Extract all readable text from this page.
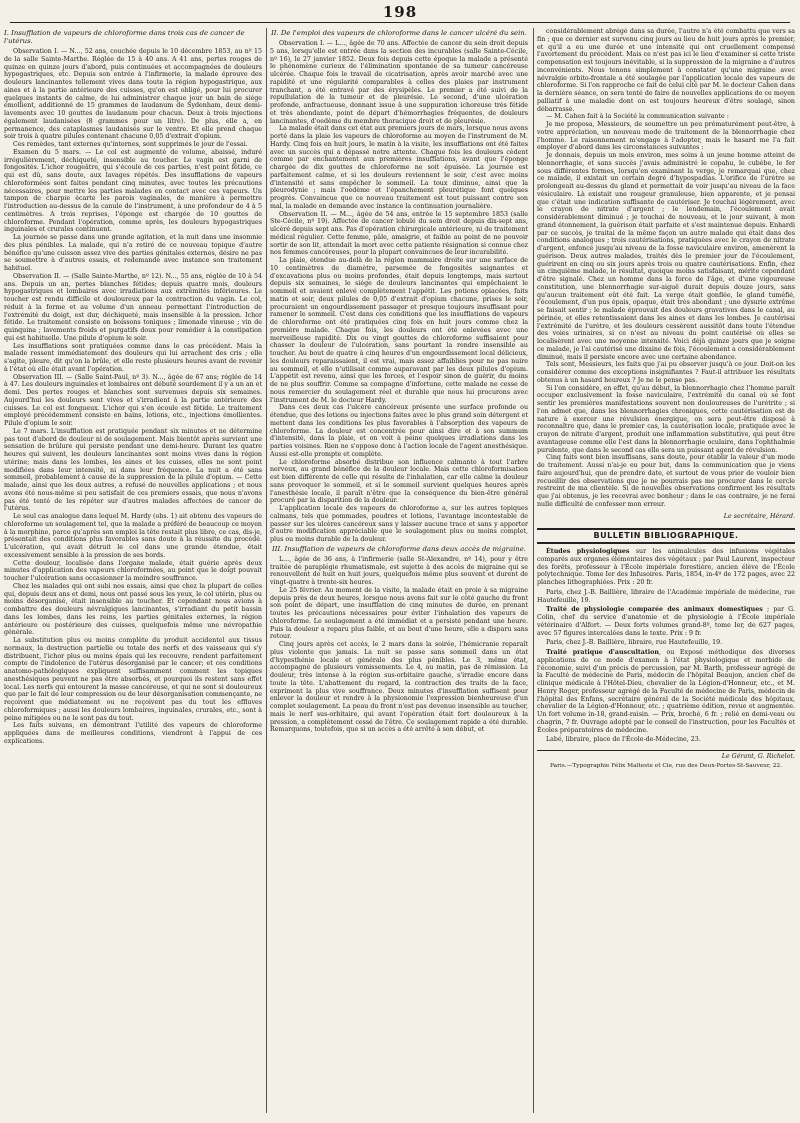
198
I. Insufflation de vapeurs de chloroforme dans trois cas de cancer de l'utérus.

Observation I. — N..., 52 ans, couchée depuis le 10 décembre 1853, au nº 15 de la salle Sainte-Marthe. Réglée de 15 à 40 ans. A 41 ans, pertes rouges de quinze en quinze jours d'abord, puis continuées et accompagnées de douleurs hypogastriques, etc. Depuis son entrée à l'infirmerie, la malade éprouve des douleurs lancinantes tellement vives dans toute la région hypogastrique, aux aines et à la partie antérieure des cuisses, qu'on est obligé, pour lui procurer quelques instants de calme, de lui administrer chaque jour un bain de siége émollient, additionné de 15 grammes de laudanum de Sydenham, deux demi-lavements avec 10 gouttes de laudanum pour chacun. Deux à trois injections également laudanisées (8 grammes pour un litre). De plus, elle a, en permanence, des cataplasmes laudanisés sur le ventre. Et elle prend chaque soir trois à quatre pilules contenant chacune 0,05 d'extrait d'opium.

Ces remèdes, tant externes qu'internes, sont supprimés le jour de l'essai.

Examen du 5 mars. — Le col est augmenté de volume, abaissé, induré irrégulièrement, déchiqueté, insensible au toucher. Le vagin est garni de fongosités. L'ichor rougeâtre, qui s'écoule de ces parties, n'est point fétide, ce qui est dû, sans doute, aux lavages répétés. Des insufflations de vapeurs chloroformées sont faites pendant cinq minutes, avec toutes les précautions nécessaires, pour mettre les parties malades en contact avec ces vapeurs. Un tampon de charpie écarte les parois vaginales, de manière à permettre l'introduction au-dessus de la canule de l'instrument, à une profondeur de 4 à 5 centimètres. A trois reprises, l'éponge est chargée de 10 gouttes de chloroforme. Pendant l'opération, comme après, les douleurs hypogastriques inguinales et crurales continuent.

La journée se passe dans une grande agitation, et la nuit dans une insomnie des plus pénibles. La malade, qui n'a retiré de ce nouveau topique d'autre bénéfice qu'une cuisson assez vive des parties génitales externes, désire ne pas se soumettre à d'autres essais, et redemande avec instance son traitement habituel.

Observation II. — (Salle Sainte-Marthe, nº 12). N..., 55 ans, réglée de 10 à 54 ans. Depuis un an, pertes blanches fétides; depuis quatre mois, douleurs hypogastriques et lombaires avec irradiations aux extrémités inférieures. Le toucher est rendu difficile et douloureux par la contraction du vagin. Le col, réduit à la forme et au volume d'un anneau permettant l'introduction de l'extrémité du doigt, est dur, déchiqueté, mais insensible à la pression. Ichor fétide. Le traitement consiste en boissons toniques ; limonade vineuse ; vin de quinquina ; lavements froids et purgatifs doux pour remédier à la constipation qui est habituelle. Une pilule d'opium le soir.

Les insufflations sont pratiquées comme dans le cas précédent. Mais la malade ressent immédiatement des douleurs qui lui arrachent des cris ; elle s'agite, pleure, dit qu'on la brûle, et elle reste plusieurs heures avant de revenir à l'état où elle était avant l'opération.

Observation III. — (Salle Saint-Paul, nº 3). N..., âgée de 67 ans; réglée de 14 à 47. Les douleurs inguinales et lombaires ont débuté sourdement il y a un an et demi. Des pertes rouges et blanches sont survenues depuis six semaines. Aujourd'hui les douleurs sont vives et s'irradient à la partie antérieure des cuisses. Le col est fongueux. L'ichor qui s'en écoule est fétide. Le traitement employé précédemment consiste en bains, lotions, etc., injections émollientes. Pilule d'opium le soir.

Le 7 mars. L'insufflation est pratiquée pendant six minutes et ne détermine pas tout d'abord de douleur ni de soulagement. Mais bientôt après survient une sensation de brûlure qui persiste pendant une demi-heure. Durant les quatre heures qui suivent, les douleurs lancinantes sont moins vives dans la région utérine; mais dans les lombes, les aines et les cuisses, elles ne sont point modifiées dans leur intensité, ni dans leur fréquence. La nuit a été sans sommeil, probablement à cause de la suppression de la pilule d'opium. — Cette malade, ainsi que les deux autres, a refusé de nouvelles applications ; et nous avons été nous-même si peu satisfait de ces premiers essais, que nous n'avons pas été tenté de les répéter sur d'autres malades affectées de cancer de l'utérus.

Le seul cas analogue dans lequel M. Hardy (obs. 1) ait obtenu des vapeurs de chloroforme un soulagement tel, que la malade a préféré de beaucoup ce moyen à la morphine, parce qu'après son emploi la tête restait plus libre, ce cas, dis-je, présentait des conditions plus favorables sans doute à la réussite du procédé. L'ulcération, qui avait détruit le col dans une grande étendue, était excessivement sensible à la pression de ses bords.

Cette douleur, localisée dans l'organe malade, était guérie après deux minutes d'application des vapeurs chloroformées, au point que le doigt pouvait toucher l'ulcération sans occasionner la moindre souffrance.

Chez les malades qui ont subi nos essais, ainsi que chez la plupart de celles qui, depuis deux ans et demi, nous ont passé sous les yeux, le col utérin, plus ou moins désorganisé, était insensible au toucher. Et cependant nous avions à combattre des douleurs névralgiques lancinantes, s'irradiant du petit bassin dans les lombes, dans les reins, les parties génitales externes, la région antérieure ou postérieure des cuisses, quelquefois même une névropathie générale.

La substitution plus ou moins complète du produit accidentel aux tissus normaux, la destruction partielle ou totale des nerfs et des vaisseaux qui s'y distribuent, l'ichor plus ou moins épais qui les recouvre, rendent parfaitement compte de l'indolence de l'utérus désorganisé par le cancer; et ces conditions anatomo-pathologiques expliquent suffisamment comment les topiques anesthésiques peuvent ne pas être absorbés, et pourquoi ils restent sans effet local. Les nerfs qui entourent la masse cancéreuse, et qui ne sont si douloureux que par le fait de leur compression ou de leur désorganisation commençante, ne reçoivent que médiatement ou ne reçoivent pas du tout les effluves chloroformiques ; aussi les douleurs lombaires, inguinales, crurales, etc., sont à peine mitigées ou ne le sont pas du tout.

Les faits suivans, en démontrant l'utilité des vapeurs de chloroforme appliquées dans de meilleures conditions, viendront à l'appui de ces explications.

II. De l'emploi des vapeurs de chloroforme dans le cancer ulcéré du sein.

Observation I. — L..., âgée de 70 ans. Affectée de cancer du sein droit depuis 5 ans, lorsqu'elle est entrée dans la section des incurables (salle Sainte-Cécile, nº 16), le 27 janvier 1852. Deux fois depuis cette époque la malade a présenté le phénomène curieux de l'élimination spontanée de sa tumeur cancéreuse ulcérée. Chaque fois le travail de cicatrisation, après avoir marché avec une rapidité et une régularité comparables à celles des plaies par instrument tranchant, a été entravé par des érysipèles. Le premier a été suivi de la repullulation de la tumeur et de pleurésie. Le second, d'une ulcération profonde, anfractueuse, donnant issue à une suppuration ichoreuse très fétide et très abondante, point de départ d'hémorrhagies fréquentes, de douleurs lancinantes, d'oedème du membre thoracique droit et de pleurésie.

La malade était dans cet état aux premiers jours de mars, lorsque nous avons porté dans la plaie les vapeurs de chloroforme au moyen de l'instrument de M. Hardy. Cinq fois en huit jours, le matin à la visite, les insufflations ont été faites avec un succès qui a dépassé notre attente. Chaque fois les douleurs cèdent comme par enchantement aux premières insufflations, avant que l'éponge chargée de dix gouttes de chloroforme ne soit épuisée. La journée est parfaitement calme, et si les douleurs reviennent le soir, c'est avec moins d'intensité et sans empêcher le sommeil. La toux diminue, ainsi que la pleurodynie ; mais l'oedème et l'épanchement pleurétique font quelques progrès. Convaincue que ce nouveau traitement est tout puissant contre son mal, la malade en demande avec instance la continuation journalière.

Observation II. — M..., âgée de 54 ans, entrée le 15 septembre 1853 (salle Ste-Cécile, nº 19). Affectée de cancer lobulé du sein droit depuis dix-sept ans, ulcéré depuis sept ans. Pas d'opération chirurgicale antérieure, ni de traitement médical régulier. Cette femme, pâle, amaigrie, et faible au point de ne pouvoir sortir de son lit, attendait la mort avec cette patiente résignation si connue chez nos femmes cancéreuses, pour la plupart convaincues de leur incurabilité.

La plaie, étendue au-delà de la région mammaire droite sur une surface de 10 centimètres de diamètre, parsemée de fongosités saignantes et d'excavations plus ou moins profondes, était depuis longtemps, mais surtout depuis six semaines, le siége de douleurs lancinantes qui empêchaient le sommeil et avaient enlevé complètement l'appétit. Les potions opiacées, faits matin et soir, deux pilules de 0,05 d'extrait d'opium chacune, prises le soir, procuraient un engourdissement passager et presque toujours insuffisant pour ramener le sommeil. C'est dans ces conditions que les insufflations de vapeurs de chloroforme ont été pratiquées cinq fois en huit jours comme chez la première malade. Chaque fois, les douleurs ont été enlevées avec une merveilleuse rapidité. Dix ou vingt gouttes de chloroforme suffisaient pour chasser la douleur de l'ulcération, sans pourtant la rendre insensible au toucher. Au bout de quatre à cinq heures d'un engourdissement local délicieux, les douleurs reparaissaient, il est vrai, mais assez affaiblies pour ne pas nuire au sommeil, et elle n'utilisait comme auparavant par les deux pilules d'opium. L'appétit est revenu, ainsi que les forces, et l'espoir sinon de guérir, du moins de ne plus souffrir. Comme sa compagne d'infortune, cette malade ne cesse de nous remercier du soulagement réel et durable que nous lui procurons avec l'instrument de M. le docteur Hardy.

Dans ces deux cas l'ulcère cancéreux présente une surface profonde ou étendue, que des lotions ou injections faites avec le plus grand soin détergent et mettent dans les conditions les plus favorables à l'absorption des vapeurs de chloroforme. La douleur est concentrée pour ainsi dire et à son summum d'intensité, dans la plaie, et on voit à peine quelques irradiations dans les parties voisines. Rien ne s'oppose donc à l'action locale de l'agent anesthésique. Aussi est-elle prompte et complète.

Le chloroforme absorbé distribue son influence calmante à tout l'arbre nerveux, au grand bénéfice de la douleur locale. Mais cette chloroformisation est bien différente de celle qui résulte de l'inhalation, car elle calme la douleur sans provoquer le sommeil, et si le sommeil survient quelques heures après l'anesthésie locale, il paraît n'être que la conséquence du bien-être général procuré par la disparition de la douleur.

L'application locale des vapeurs de chloroforme a, sur les autres topiques calmans, tels que pommades, poudres et lotions, l'avantage incontestable de passer sur les ulcères cancéreux sans y laisser aucune trace et sans y apporter d'autre modification appréciable que le soulagement plus ou moins complet, plus ou moins durable de la douleur.

III. Insufflation de vapeurs de chloroforme dans deux accès de migraine.

L..., âgée de 36 ans, à l'infirmerie (salle St-Alexandre, nº 14), pour y être traitée de paraplégie rhumatismale, est sujette à des accès de migraine qui se renouvellent de huit en huit jours, quelquefois même plus souvent et durent de vingt-quatre à trente-six heures.

Le 25 février. Au moment de la visite, la malade était en proie à sa migraine depuis près de deux heures, lorsque nous avons fait sur le côté gauche du front son point de départ, une insufflation de cinq minutes de durée, en prenant toutes les précautions nécessaires pour éviter l'inhalation des vapeurs de chloroforme. Le soulagement a été immédiat et a persisté pendant une heure. Puis la douleur a reparu plus faible, et au bout d'une heure, elle a disparu sans retour.

Cinq jours après cet accès, le 2 mars dans la soirée, l'hémicranie reparaît plus violente que jamais. La nuit se passe sans sommeil dans un état d'hypesthénie locale et générale des plus pénibles. Le 3, même état, accompagné de plusieurs vomissements. Le 4, au matin, pas de rémission. La douleur, très intense à la région sus-orbitaire gauche, s'irradie encore dans toute la tête. L'abattement du regard, la contraction des traits de la face, expriment la plus vive souffrance. Deux minutes d'insufflation suffisent pour enlever la douleur et rendre à la physionomie l'expression bienheureuse d'un complet soulagement. La peau du front n'est pas devenue insensible au toucher, mais le nerf sus-orbitaire, qui avant l'opération était fort douloureux à la pression, a complètement cessé de l'être. Ce soulagement rapide a été durable. Remarquons, toutefois, que si un accès a été arrêté à son début, et

considérablement abrégé dans sa durée, l'autre n'a été combattu que vers sa fin ; que ce dernier est survenu cinq jours au lieu de huit jours après le premier, et qu'il a eu une durée et une intensité qui ont cruellement compensé l'avortement du précédent. Mais ce n'est pas ici le lieu d'examiner si cette triste compensation est toujours inévitable, si la suppression de la migraine a d'autres inconvénients. Nous tenons simplement à constater qu'une migraine avec névralgie orbito-frontale a été soulagée par l'application locale des vapeurs de chloroforme. Si l'on rapproche ce fait de celui cité par M. le docteur Cahen dans la dernière séance, on sera tenté de faire de nouvelles applications de ce moyen palliatif à une maladie dont on est toujours heureux d'être soulagé, sinon débarrassé.

— M. Cahen fait à la Société la communication suivante :

Je me proposa, Messieurs, de soumettre un peu prématurément peut-être, à votre appréciation, un nouveau mode de traitement de la blennorrhagie chez l'homme. Le raisonnement m'engage à l'adopter, mais le hasard me l'a fait employer d'abord dans les circonstances suivantes :

Je donnais, depuis un mois environ, mes soins à un jeune homme atteint de blennorrhagie, et sans succès j'avais administré le copahu, le cubèbe, le fer sous différentes formes, lorsqu'en examinant la verge, je remarquai que, chez ce malade, il existait un certain degré d'hypospadias. L'orifice de l'urètre se prolongeait au-dessus du gland et permettait de voir jusqu'au niveau de la face vésiculaire. Là existait une rougeur granuleuse, bien apparente, et je pensai que c'était une indication suffisante de cautériser. Je touchai légèrement, avec le crayon de nitrate d'argent ; le lendemain, l'écoulement avait considérablement diminué ; je touchai de nouveau, et le jour suivant, à mon grand étonnement, la guérison était parfaite et s'est maintenue depuis. Enhardi par ce succès, je traitai de la même façon un autre malade qui était dans des conditions analogues ; trois cautérisations, pratiquées avec le crayon de nitrate d'argent, enfoncé jusqu'au niveau de la fosse naviculaire environ, amenèrent la guérison. Deux autres malades, traités dès le premier jour de l'écoulement, guérirent en cinq ou six jours après trois ou quatre cautérisations. Enfin, chez un cinquième malade, le résultat, quoique moins satisfaisant, mérite cependant d'être signalé. Chez un homme dans la force de l'âge, et d'une vigoureuse constitution, une blennorrhagie sur-aiguë durait depuis douze jours, sans qu'aucun traitement eût été fait. La verge était gonflée, le gland tuméfié, l'écoulement, d'un pus épais, opaque, était très abondant ; une dysurie extrême se faisait sentir ; le malade éprouvait des douleurs gravatives dans le canal, au périnée, et elles retentissaient dans les aines et dans les lombes. Je cautérisai l'extrémité de l'urètre, et les douleurs cessèrent aussitôt dans toute l'étendue des voies urinaires, si ce n'est au niveau du point cautérisé où elles se localisèrent avec une moyenne intensité. Voici déjà quinze jours que je soigne ce malade, je l'ai cautérisé une dixaine de fois, l'écoulement a considérablement diminué, mais il persiste encore avec une certaine abondance.

Tels sont, Messieurs, les faits que j'ai pu observer jusqu'à ce jour. Doit-on les considérer comme des exceptions insignifiantes ? Faut-il attribuer les résultats obtenus à un hasard heureux ? Je ne le pense pas.

Si l'on considère, en effet, qu'au début, la blennorrhagie chez l'homme paraît occuper exclusivement la fosse naviculaire, l'extrémité du canal où se font sentir les premières manifestations souvent non douloureuses de l'urétrite ; si l'on admet que, dans les blennorrhagies chroniques, cette cautérisation est de nature à exercer une révulsion énergique, on sera peut-être disposé à reconnaître que, dans le premier cas, la cautérisation locale, pratiquée avec le crayon de nitrate d'argent, produit une inflammation substitutive, qui peut être avantageuse comme elle l'est dans la blennorrhagie oculaire, dans l'ophthalmie purulente, que dans le second cas elle sera un puissant agent de révulsion.

Cinq faits sont bien insuffisans, sans doute, pour établir la valeur d'un mode de traitement. Aussi n'ai-je eu pour but, dans la communication que je viens faire aujourd'hui, que de prendre date, et surtout de vous prier de vouloir bien recueillir des observations que je ne pourrais pas me procurer dans le cercle restreint de ma clientèle. Si de nouvelles observations confirment les résultats que j'ai obtenus, je les recevrai avec bonheur ; dans le cas contraire, je ne ferai nulle difficulté de confesser mon erreur.

Le secrétaire, Hérard.

BULLETIN BIBLIOGRAPHIQUE.

Études physiologiques sur les animalcules des infusions végétales comparés aux organes élémentaires des végétaux ; par Paul Laurent, inspecteur des forêts, professeur à l'École impériale forestière, ancien élève de l'École polytechnique. Tome Ier des Infusoires. Paris, 1854, in-4º de 172 pages, avec 22 planches lithographiées. Prix : 20 fr.

Paris, chez J.-B. Baillière, libraire de l'Académie impériale de médecine, rue Hautefeuille, 19.

Traité de physiologie comparée des animaux domestiques ; par G. Colin, chef du service d'anatomie et de physiologie à l'École impériale vétérinaire d'Alfort. — Deux forts volumes grand-8º, tome Ier, de 627 pages, avec 57 figures intercalées dans le texte. Prix : 9 fr.

Paris, chez J.-B. Baillière, libraire, rue Hautefeuille, 19.

Traité pratique d'auscultation, ou Exposé méthodique des diverses applications de ce mode d'examen à l'état physiologique et morbide de l'économie, suivi d'un précis de percussion, par M. Barth, professeur agrégé de la Faculté de médecine de Paris, médecin de l'hôpital Beaujon, ancien chef de clinique médicale à l'Hôtel-Dieu, chevalier de la Légion-d'Honneur, etc., et M. Henry Roger, professeur agrégé de la Faculté de médecine de Paris, médecin de l'hôpital des Enfans, secrétaire général de la Société médicale des hôpitaux, chevalier de la Légion-d'Honneur, etc. ; quatrième édition, revue et augmentée. Un fort volume in-18, grand-raisin. — Prix, broché, 6 fr. ; relié en demi-veau ou chagrin, 7 fr. Ouvrage adopté par le conseil de l'instruction, pour les Facultés et Écoles préparatoires de médecine.

Labé, libraire, place de l'École-de-Médecine, 23.

Le Gérant, G. Richelot.
Paris.—Typographie Félix Malteste et Cie, rue des Deux-Portes-St-Sauveur, 22.
